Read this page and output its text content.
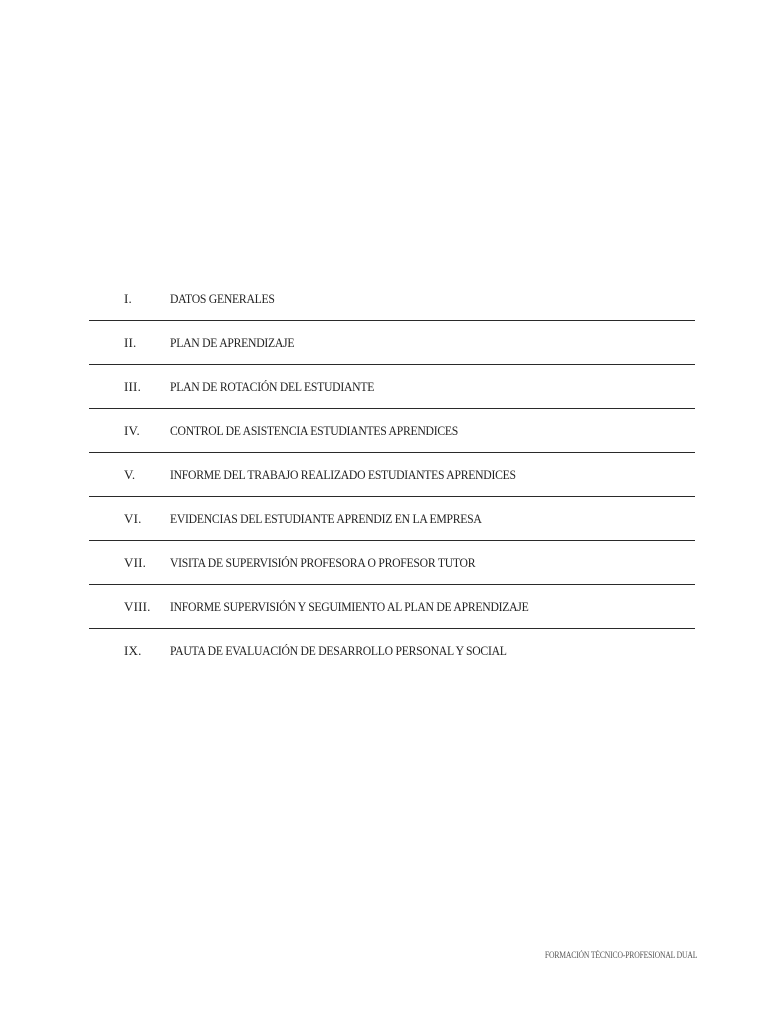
I.	DATOS GENERALES
II.	PLAN DE APRENDIZAJE
III. PLAN DE ROTACIÓN DEL ESTUDIANTE
IV. CONTROL DE ASISTENCIA ESTUDIANTES APRENDICES
V.	INFORME DEL TRABAJO REALIZADO ESTUDIANTES APRENDICES
VI. EVIDENCIAS DEL ESTUDIANTE APRENDIZ EN LA EMPRESA
VII. VISITA DE SUPERVISIÓN PROFESORA O PROFESOR TUTOR
VIII. INFORME SUPERVISIÓN Y SEGUIMIENTO AL PLAN DE APRENDIZAJE
IX. PAUTA DE EVALUACIÓN DE DESARROLLO PERSONAL Y SOCIAL
FORMACIÓN TÉCNICO-PROFESIONAL DUAL
